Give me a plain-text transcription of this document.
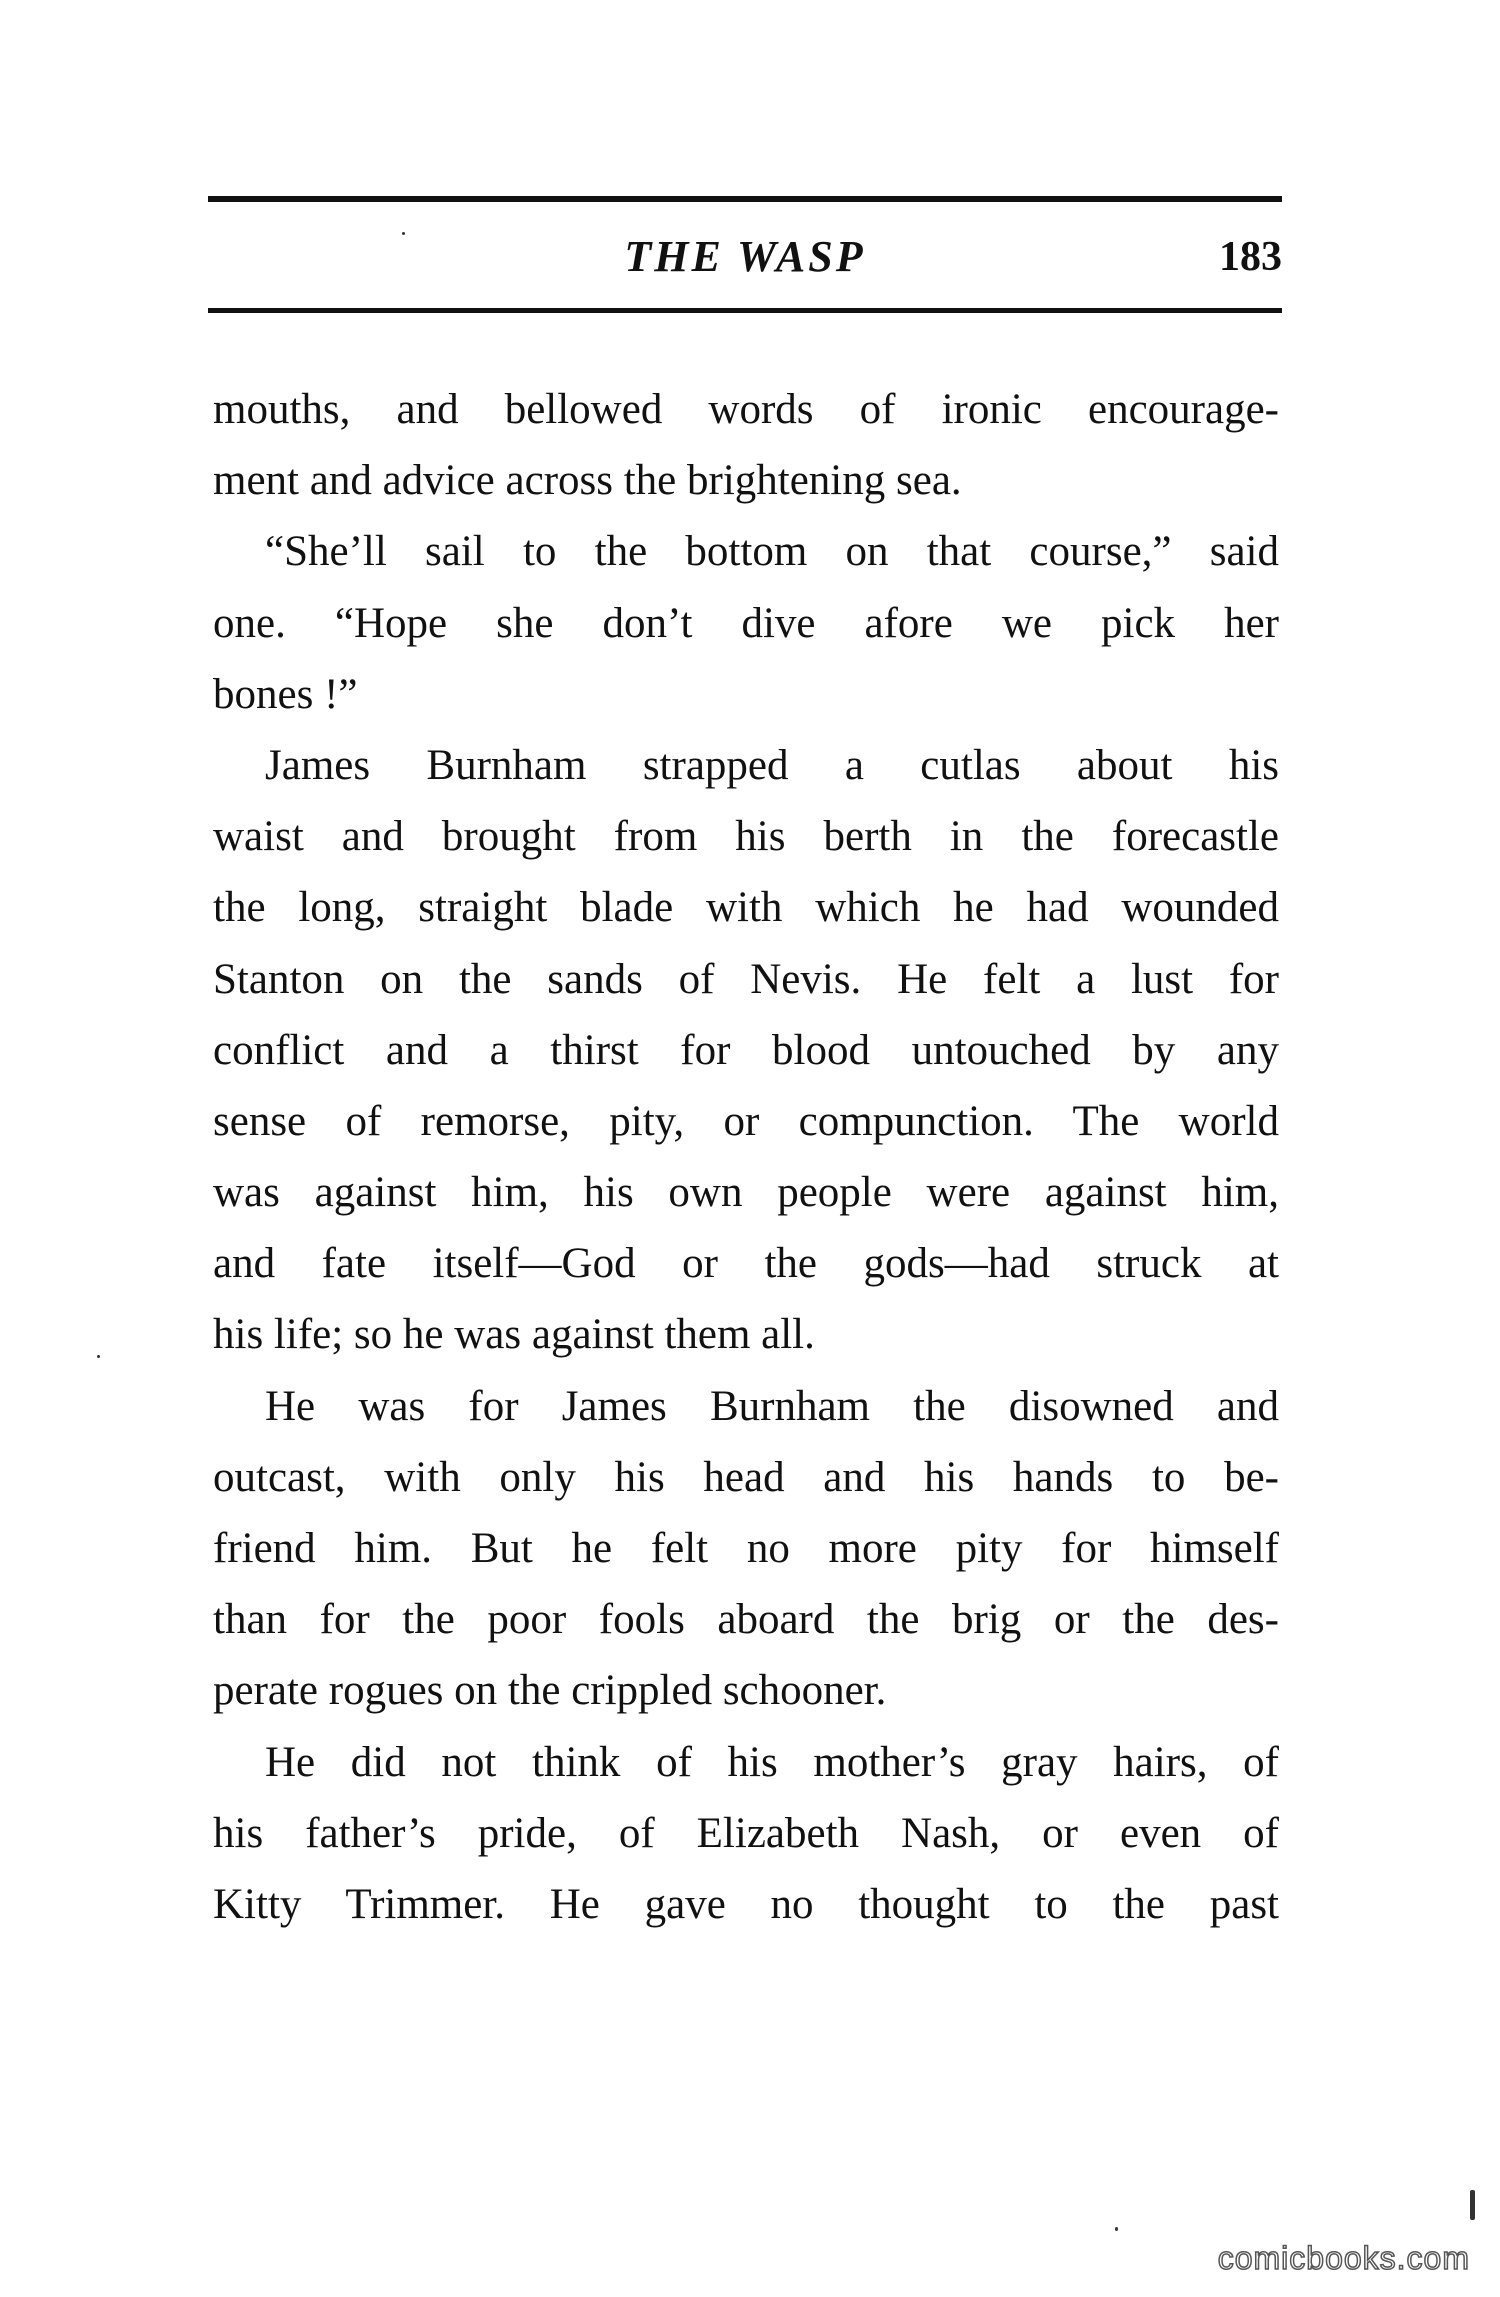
THE WASP	183
mouths, and bellowed words of ironic encourage-
ment and advice across the brightening sea.
“She’ll sail to the bottom on that course,” said
one. “Hope she don’t dive afore we pick her
bones !”
James Burnham strapped a cutlas about his
waist and brought from his berth in the forecastle
the long, straight blade with which he had wounded
Stanton on the sands of Nevis. He felt a lust for
conflict and a thirst for blood untouched by any
sense of remorse, pity, or compunction. The world
was against him, his own people were against him,
and fate itself—God or the gods—had struck at
his life; so he was against them all.
He was for James Burnham the disowned and
outcast, with only his head and his hands to be-
friend him. But he felt no more pity for himself
than for the poor fools aboard the brig or the des-
perate rogues on the crippled schooner.
He did not think of his mother’s gray hairs, of
his father’s pride, of Elizabeth Nash, or even of
Kitty Trimmer. He gave no thought to the past
comicbooks.com
